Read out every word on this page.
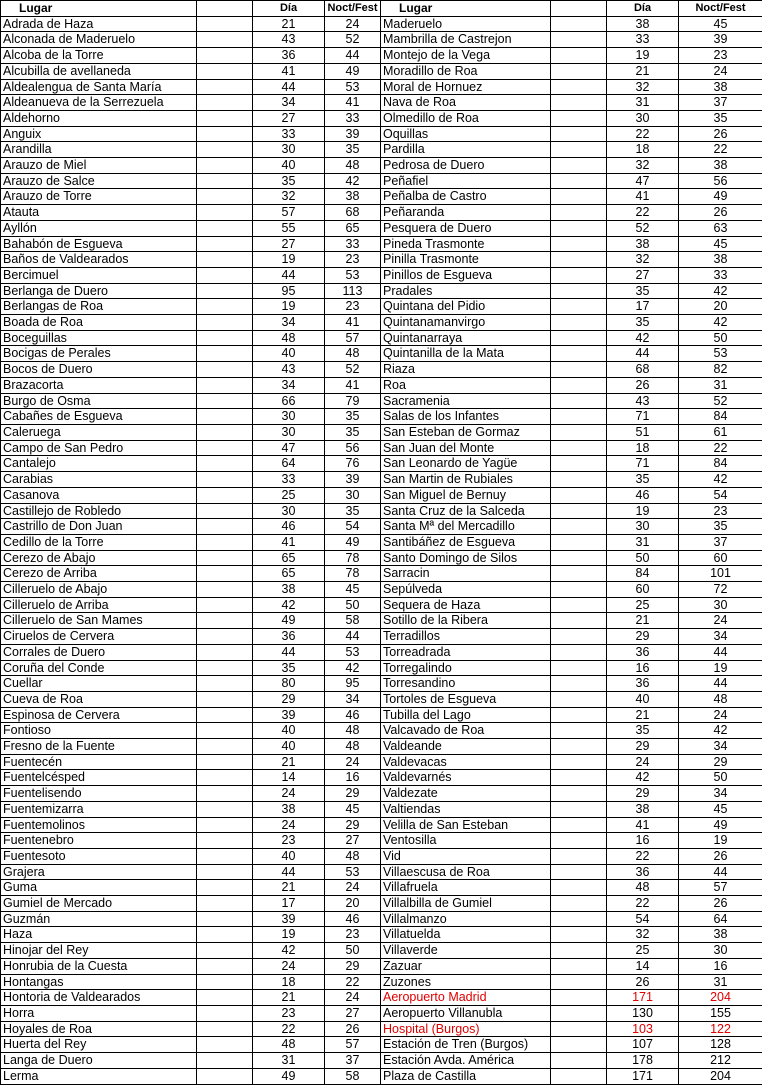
Lugar		Día	Noct/Fest	Lugar		Día	Noct/Fest
Adrada de Haza		21	24	Maderuelo		38	45
Alconada de Maderuelo		43	52	Mambrilla de Castrejon		33	39
Alcoba de la Torre		36	44	Montejo de la Vega		19	23
Alcubilla de avellaneda		41	49	Moradillo de Roa		21	24
Aldealengua de Santa María		44	53	Moral de Hornuez		32	38
Aldeanueva de la Serrezuela		34	41	Nava de Roa		31	37
Aldehorno		27	33	Olmedillo de Roa		30	35
Anguix		33	39	Oquillas		22	26
Arandilla		30	35	Pardilla		18	22
Arauzo de Miel		40	48	Pedrosa de Duero		32	38
Arauzo de Salce		35	42	Peñafiel		47	56
Arauzo de Torre		32	38	Peñalba de Castro		41	49
Atauta		57	68	Peñaranda		22	26
Ayllón		55	65	Pesquera de Duero		52	63
Bahabón de Esgueva		27	33	Pineda Trasmonte		38	45
Baños de Valdearados		19	23	Pinilla Trasmonte		32	38
Bercimuel		44	53	Pinillos de Esgueva		27	33
Berlanga de Duero		95	113	Pradales		35	42
Berlangas de Roa		19	23	Quintana del Pidio		17	20
Boada de Roa		34	41	Quintanamanvirgo		35	42
Boceguillas		48	57	Quintanarraya		42	50
Bocigas de Perales		40	48	Quintanilla de la Mata		44	53
Bocos de Duero		43	52	Riaza		68	82
Brazacorta		34	41	Roa		26	31
Burgo de Osma		66	79	Sacramenia		43	52
Cabañes de Esgueva		30	35	Salas de los Infantes		71	84
Caleruega		30	35	San Esteban de Gormaz		51	61
Campo de San Pedro		47	56	San Juan del Monte		18	22
Cantalejo		64	76	San Leonardo de Yagüe		71	84
Carabias		33	39	San Martin de Rubiales		35	42
Casanova		25	30	San Miguel de Bernuy		46	54
Castillejo de Robledo		30	35	Santa Cruz de la Salceda		19	23
Castrillo de Don Juan		46	54	Santa Mª del Mercadillo		30	35
Cedillo de la Torre		41	49	Santibáñez de Esgueva		31	37
Cerezo de Abajo		65	78	Santo Domingo de Silos		50	60
Cerezo de Arriba		65	78	Sarracin		84	101
Cilleruelo de Abajo		38	45	Sepúlveda		60	72
Cilleruelo de Arriba		42	50	Sequera de Haza		25	30
Cilleruelo de San Mames		49	58	Sotillo de la Ribera		21	24
Ciruelos de Cervera		36	44	Terradillos		29	34
Corrales de Duero		44	53	Torreadrada		36	44
Coruña del Conde		35	42	Torregalindo		16	19
Cuellar		80	95	Torresandino		36	44
Cueva de Roa		29	34	Tortoles de Esgueva		40	48
Espinosa de Cervera		39	46	Tubilla del Lago		21	24
Fontioso		40	48	Valcavado de Roa		35	42
Fresno de la Fuente		40	48	Valdeande		29	34
Fuentecén		21	24	Valdevacas		24	29
Fuentelcésped		14	16	Valdevarnés		42	50
Fuentelisendo		24	29	Valdezate		29	34
Fuentemizarra		38	45	Valtiendas		38	45
Fuentemolinos		24	29	Velilla de San Esteban		41	49
Fuentenebro		23	27	Ventosilla		16	19
Fuentesoto		40	48	Vid		22	26
Grajera		44	53	Villaescusa de Roa		36	44
Guma		21	24	Villafruela		48	57
Gumiel de Mercado		17	20	Villalbilla de Gumiel		22	26
Guzmán		39	46	Villalmanzo		54	64
Haza		19	23	Villatuelda		32	38
Hinojar del Rey		42	50	Villaverde		25	30
Honrubia de la Cuesta		24	29	Zazuar		14	16
Hontangas		18	22	Zuzones		26	31
Hontoria de Valdearados		21	24	Aeropuerto Madrid		171	204
Horra		23	27	Aeropuerto Villanubla		130	155
Hoyales de Roa		22	26	Hospital (Burgos)		103	122
Huerta del Rey		48	57	Estación de Tren (Burgos)		107	128
Langa de Duero		31	37	Estación Avda. América		178	212
Lerma		49	58	Plaza de Castilla		171	204
